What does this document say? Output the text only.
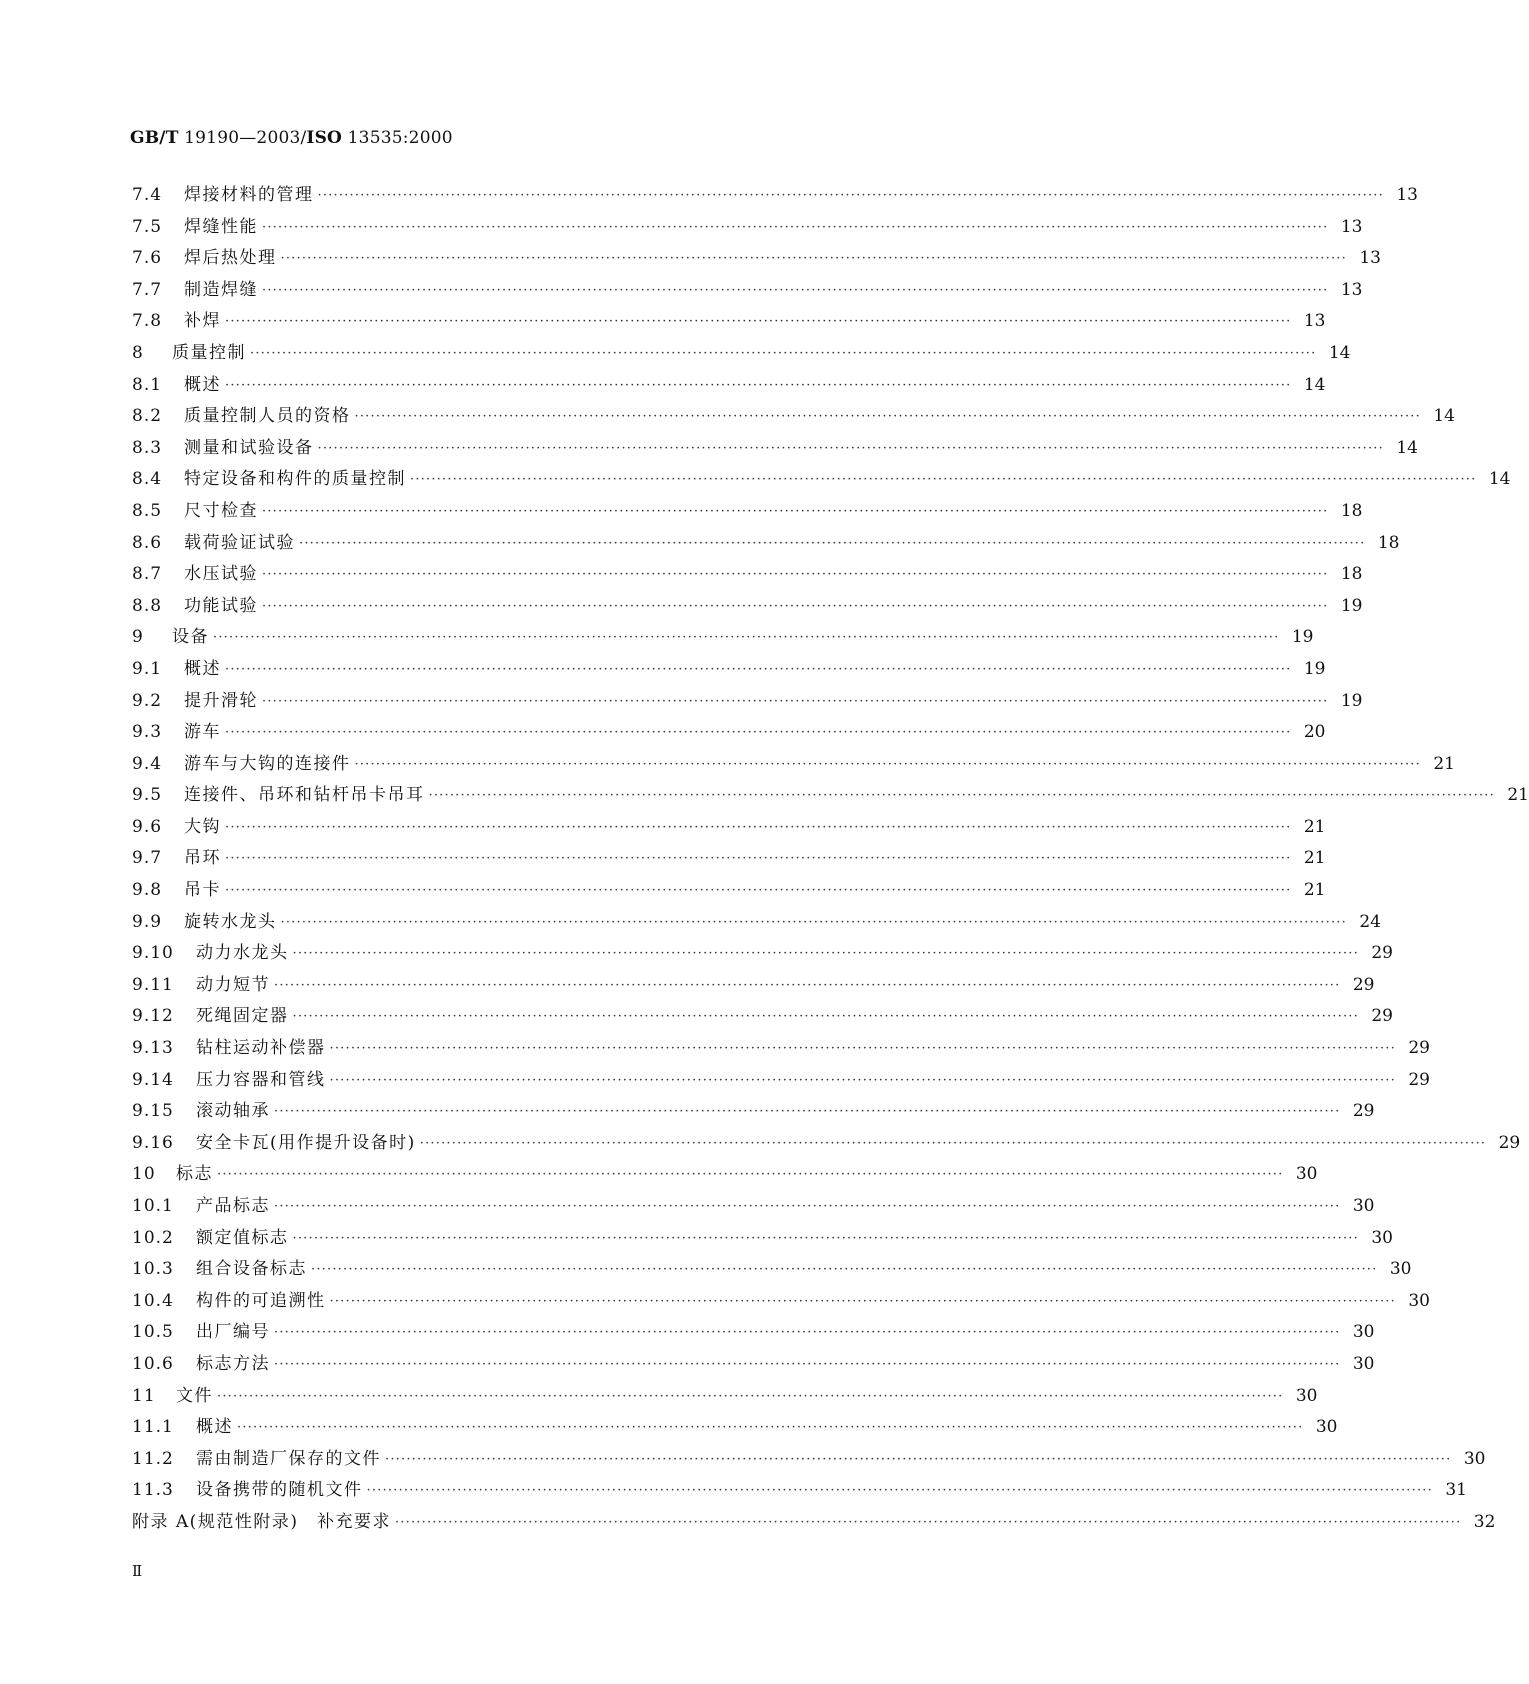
GB/T 19190—2003/ISO 13535:2000
7.4	焊接材料的管理 ········································································································································································································ 13
7.5	焊缝性能 ········································································································································································································ 13
7.6	焊后热处理 ········································································································································································································ 13
7.7	制造焊缝 ········································································································································································································ 13
7.8	补焊 ········································································································································································································ 13
8	质量控制 ········································································································································································································ 14
8.1	概述 ········································································································································································································ 14
8.2	质量控制人员的资格 ········································································································································································································ 14
8.3	测量和试验设备 ········································································································································································································ 14
8.4	特定设备和构件的质量控制 ········································································································································································································ 14
8.5	尺寸检查 ········································································································································································································ 18
8.6	载荷验证试验 ········································································································································································································ 18
8.7	水压试验 ········································································································································································································ 18
8.8	功能试验 ········································································································································································································ 19
9	设备 ········································································································································································································ 19
9.1	概述 ········································································································································································································ 19
9.2	提升滑轮 ········································································································································································································ 19
9.3	游车 ········································································································································································································ 20
9.4	游车与大钩的连接件 ········································································································································································································ 21
9.5	连接件、吊环和钻杆吊卡吊耳 ········································································································································································································ 21
9.6	大钩 ········································································································································································································ 21
9.7	吊环 ········································································································································································································ 21
9.8	吊卡 ········································································································································································································ 21
9.9	旋转水龙头 ········································································································································································································ 24
9.10	动力水龙头 ········································································································································································································ 29
9.11	动力短节 ········································································································································································································ 29
9.12	死绳固定器 ········································································································································································································ 29
9.13	钻柱运动补偿器 ········································································································································································································ 29
9.14	压力容器和管线 ········································································································································································································ 29
9.15	滚动轴承 ········································································································································································································ 29
9.16	安全卡瓦(用作提升设备时) ········································································································································································································ 29
10	标志 ········································································································································································································ 30
10.1	产品标志 ········································································································································································································ 30
10.2	额定值标志 ········································································································································································································ 30
10.3	组合设备标志 ········································································································································································································ 30
10.4	构件的可追溯性 ········································································································································································································ 30
10.5	出厂编号 ········································································································································································································ 30
10.6	标志方法 ········································································································································································································ 30
11	文件 ········································································································································································································ 30
11.1	概述 ········································································································································································································ 30
11.2	需由制造厂保存的文件 ········································································································································································································ 30
11.3	设备携带的随机文件 ········································································································································································································ 31
附录 A(规范性附录)　补充要求 ········································································································································································································ 32
Ⅱ
